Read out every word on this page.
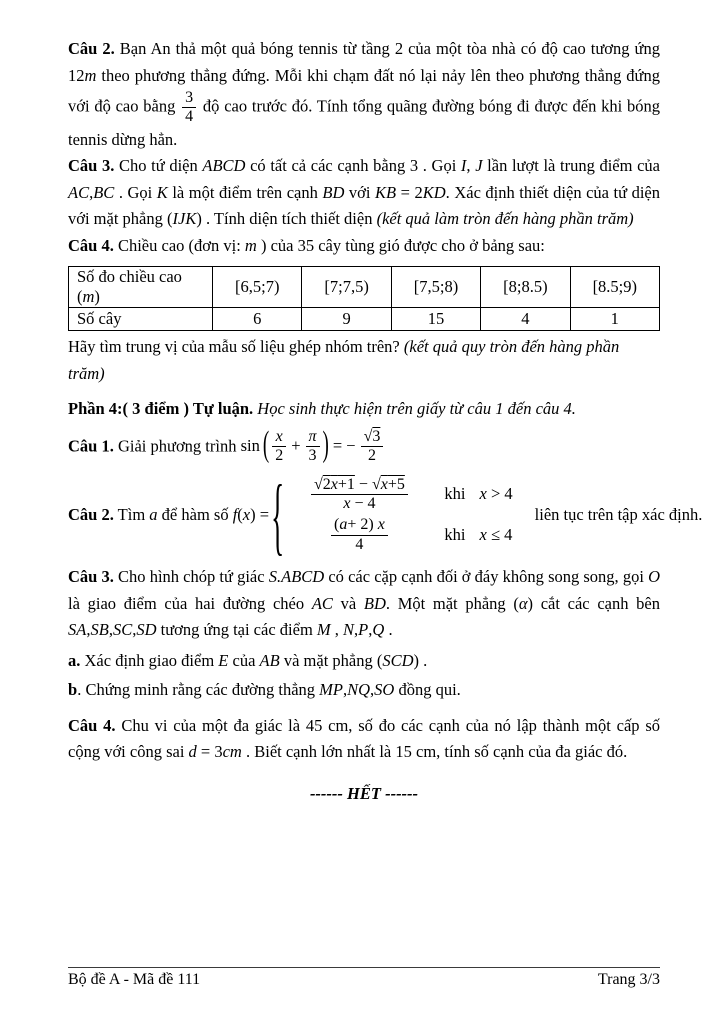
Câu 2. Bạn An thả một quả bóng tennis từ tầng 2 của một tòa nhà có độ cao tương ứng 12m theo phương thẳng đứng. Mỗi khi chạm đất nó lại nảy lên theo phương thẳng đứng với độ cao bằng $\frac{3}{4}$ độ cao trước đó. Tính tổng quãng đường bóng đi được đến khi bóng tennis dừng hẳn.

Câu 3. Cho tứ diện ABCD có tất cả các cạnh bằng 3 . Gọi I, J lần lượt là trung điểm của AC,BC . Gọi K là một điểm trên cạnh BD với KB = 2KD. Xác định thiết diện của tứ diện với mặt phẳng (IJK) . Tính diện tích thiết diện (kết quả làm tròn đến hàng phần trăm)

Câu 4. Chiều cao (đơn vị: m ) của 35 cây tùng gió được cho ở bảng sau:

Số đo chiều cao (m)	[6,5;7)	[7;7,5)	[7,5;8)	[8;8.5)	[8.5;9)
Số cây	6	9	15	4	1

Hãy tìm trung vị của mẫu số liệu ghép nhóm trên? (kết quả quy tròn đến hàng phần trăm)

Phần 4:( 3 điểm ) Tự luận. Học sinh thực hiện trên giấy từ câu 1 đến câu 4.

Câu 1. Giải phương trình sin ( $\frac{x}{2} + \frac{\pi}{3}$ ) = − $\frac{√3}{2}$

Câu 2. Tìm a để hàm số f(x) = { $\frac{√2\overline{x}+1 - √x+5}{x - 4}$ khi x > 4
$\frac{(a+ 2) x}{4}$	khi x ≤ 4
liên tục trên tập xác định.

Câu 3. Cho hình chóp tứ giác S.ABCD có các cặp cạnh đối ở đáy không song song, gọi O là giao điểm của hai đường chéo AC và BD. Một mặt phẳng (α) cắt các cạnh bên SA,SB,SC,SD tương ứng tại các điểm M , N,P,Q .

a. Xác định giao điểm E của AB và mặt phẳng (SCD) .

b. Chứng minh rằng các đường thẳng MP,NQ,SO đồng qui.

Câu 4. Chu vi của một đa giác là 45 cm, số đo các cạnh của nó lập thành một cấp số cộng với công sai d = 3cm . Biết cạnh lớn nhất là 15 cm, tính số cạnh của đa giác đó.

------ HẾT ------

Bộ đề A - Mã đề 111	Trang 3/3
